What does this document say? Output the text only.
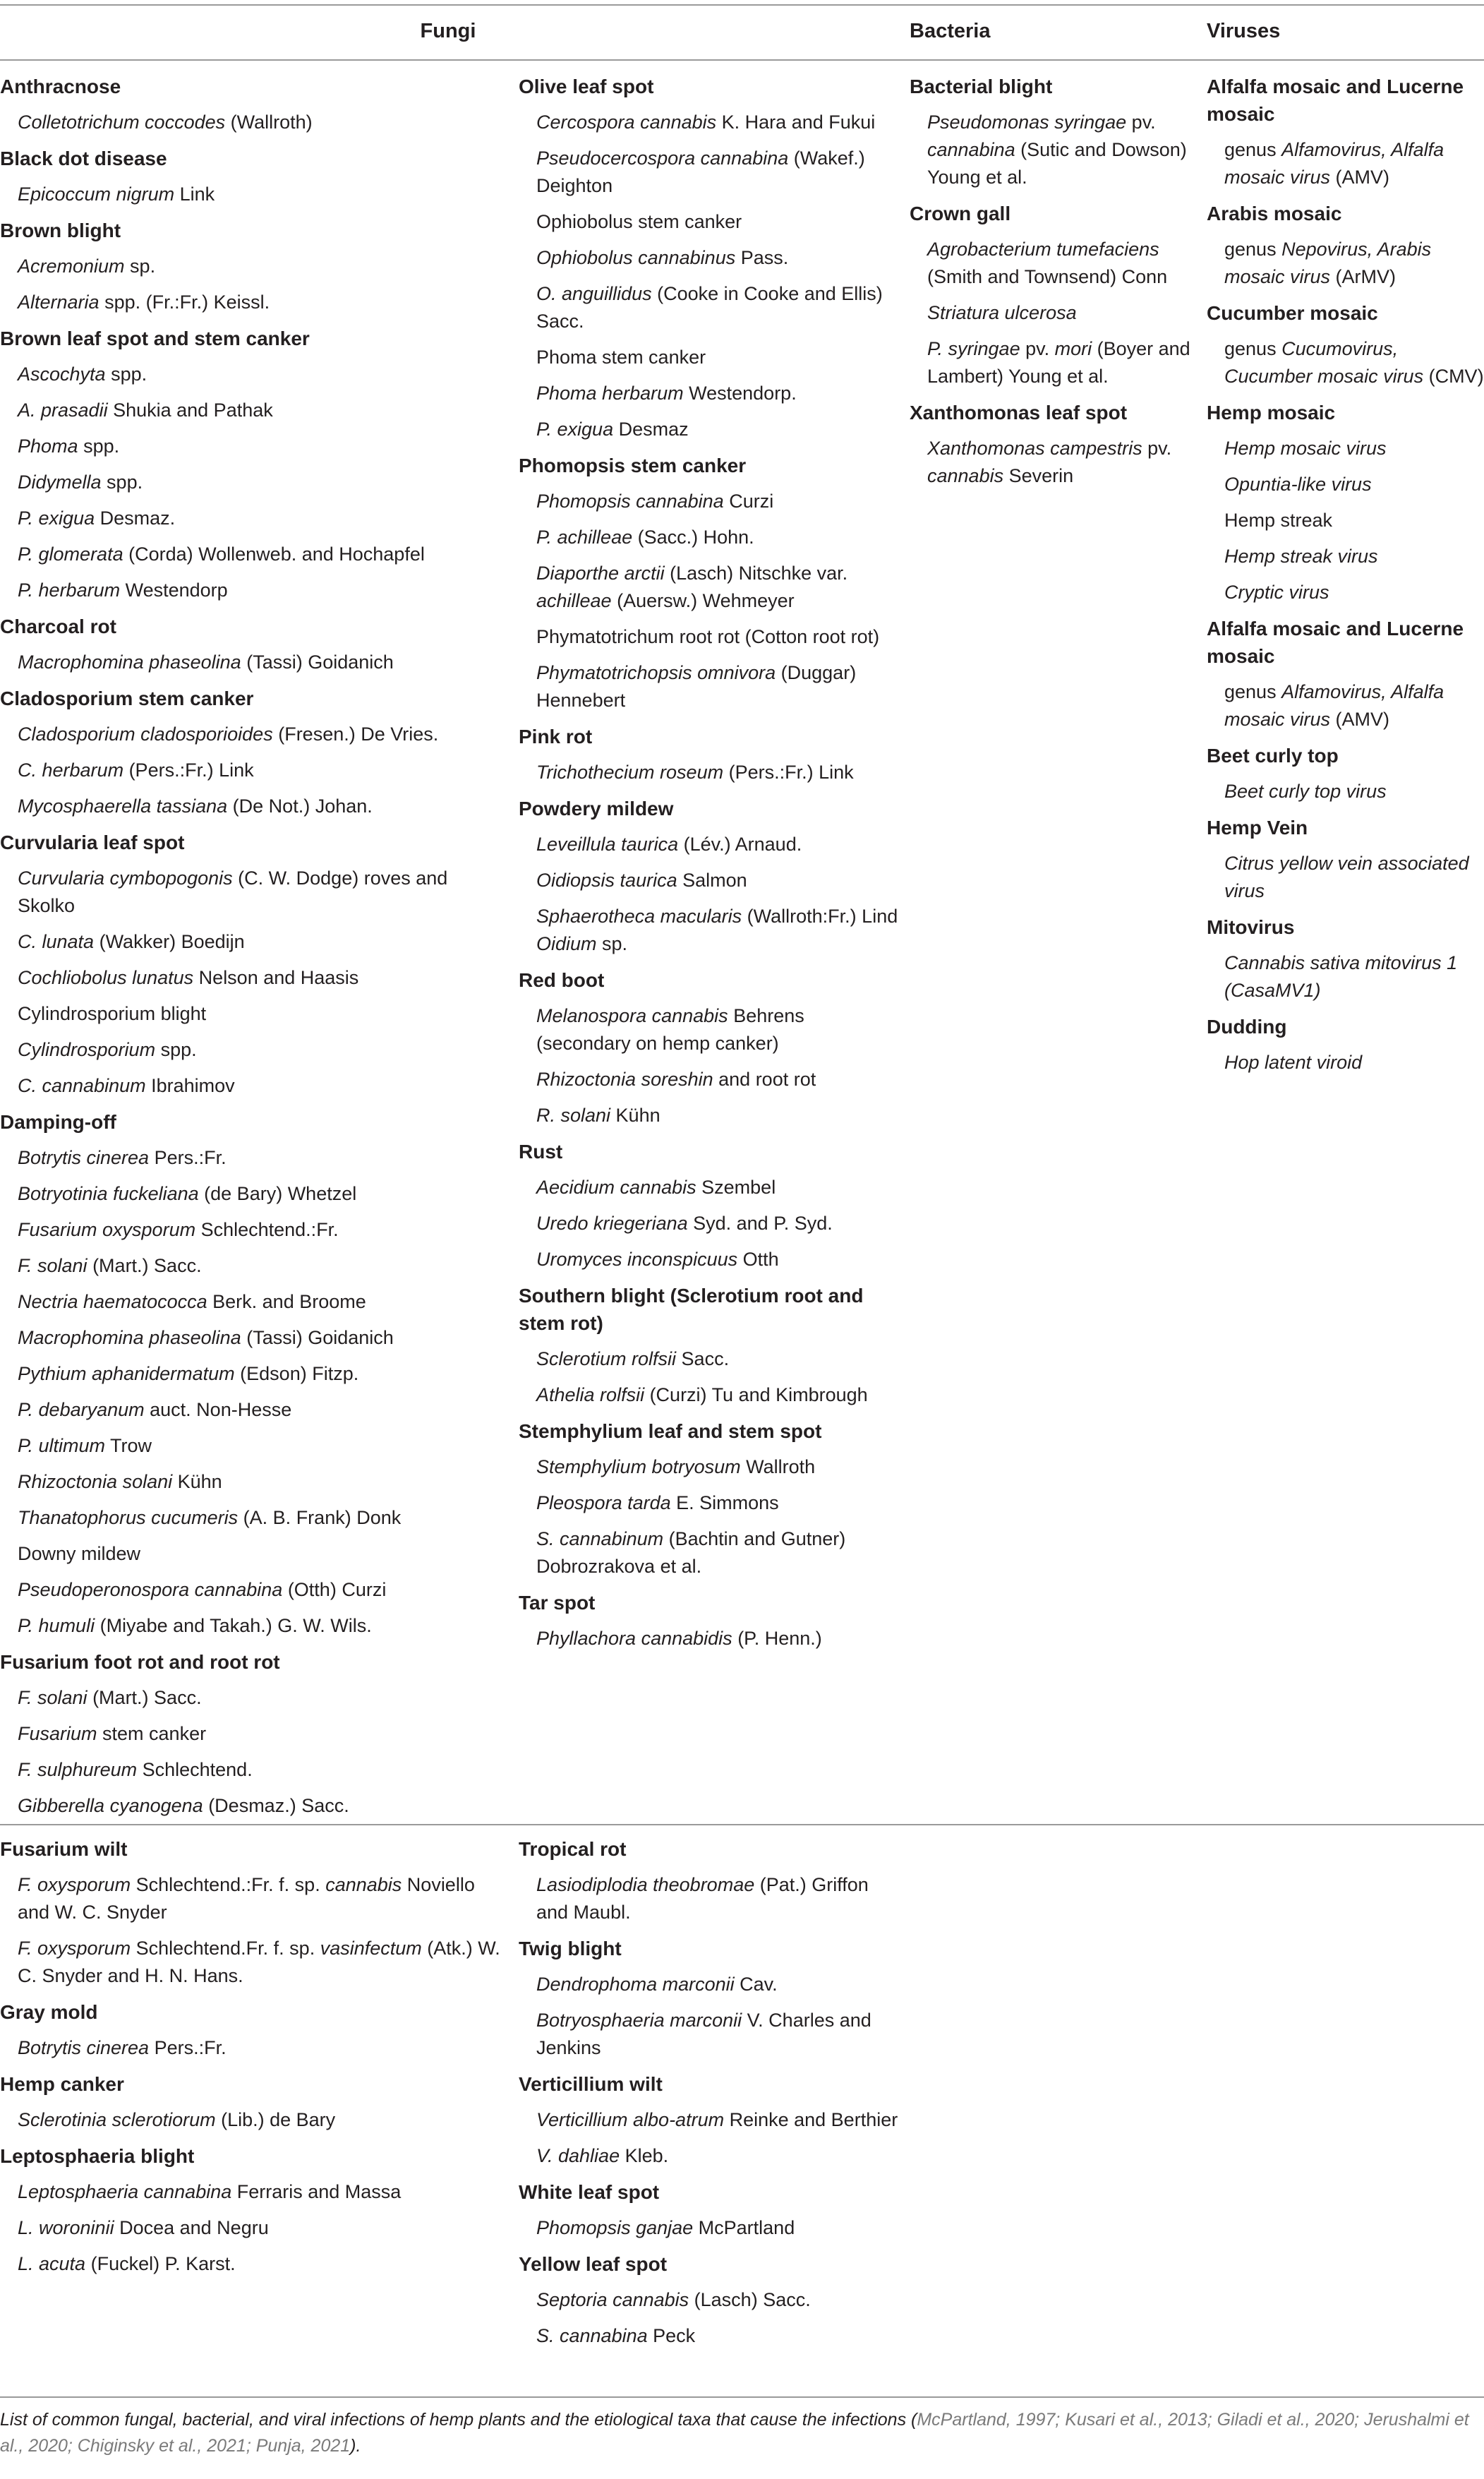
Fungi	Bacteria	Viruses
Anthracnose
Colletotrichum coccodes (Wallroth)
Black dot disease
Epicoccum nigrum Link
Brown blight
Acremonium sp.
Alternaria spp. (Fr.:Fr.) Keissl.
Brown leaf spot and stem canker
Ascochyta spp.
A. prasadii Shukia and Pathak
Phoma spp.
Didymella spp.
P. exigua Desmaz.
P. glomerata (Corda) Wollenweb. and Hochapfel
P. herbarum Westendorp
Charcoal rot
Macrophomina phaseolina (Tassi) Goidanich
Cladosporium stem canker
Cladosporium cladosporioides (Fresen.) De Vries.
C. herbarum (Pers.:Fr.) Link
Mycosphaerella tassiana (De Not.) Johan.
Curvularia leaf spot
Curvularia cymbopogonis (C. W. Dodge) roves and Skolko
C. lunata (Wakker) Boedijn
Cochliobolus lunatus Nelson and Haasis
Cylindrosporium blight
Cylindrosporium spp.
C. cannabinum Ibrahimov
Damping-off
Botrytis cinerea Pers.:Fr.
Botryotinia fuckeliana (de Bary) Whetzel
Fusarium oxysporum Schlechtend.:Fr.
F. solani (Mart.) Sacc.
Nectria haematococca Berk. and Broome
Macrophomina phaseolina (Tassi) Goidanich
Pythium aphanidermatum (Edson) Fitzp.
P. debaryanum auct. Non-Hesse
P. ultimum Trow
Rhizoctonia solani Kühn
Thanatophorus cucumeris (A. B. Frank) Donk
Downy mildew
Pseudoperonospora cannabina (Otth) Curzi
P. humuli (Miyabe and Takah.) G. W. Wils.
Fusarium foot rot and root rot
F. solani (Mart.) Sacc.
Fusarium stem canker
F. sulphureum Schlechtend.
Gibberella cyanogena (Desmaz.) Sacc.
Olive leaf spot
Cercospora cannabis K. Hara and Fukui
Pseudocercospora cannabina (Wakef.) Deighton
Ophiobolus stem canker
Ophiobolus cannabinus Pass.
O. anguillidus (Cooke in Cooke and Ellis) Sacc.
Phoma stem canker
Phoma herbarum Westendorp.
P. exigua Desmaz
Phomopsis stem canker
Phomopsis cannabina Curzi
P. achilleae (Sacc.) Hohn.
Diaporthe arctii (Lasch) Nitschke var. achilleae (Auersw.) Wehmeyer
Phymatotrichum root rot (Cotton root rot)
Phymatotrichopsis omnivora (Duggar) Hennebert
Pink rot
Trichothecium roseum (Pers.:Fr.) Link
Powdery mildew
Leveillula taurica (Lév.) Arnaud.
Oidiopsis taurica Salmon
Sphaerotheca macularis (Wallroth:Fr.) Lind Oidium sp.
Red boot
Melanospora cannabis Behrens (secondary on hemp canker)
Rhizoctonia soreshin and root rot
R. solani Kühn
Rust
Aecidium cannabis Szembel
Uredo kriegeriana Syd. and P. Syd.
Uromyces inconspicuus Otth
Southern blight (Sclerotium root and stem rot)
Sclerotium rolfsii Sacc.
Athelia rolfsii (Curzi) Tu and Kimbrough
Stemphylium leaf and stem spot
Stemphylium botryosum Wallroth
Pleospora tarda E. Simmons
S. cannabinum (Bachtin and Gutner) Dobrozrakova et al.
Tar spot
Phyllachora cannabidis (P. Henn.)
Bacterial blight
Pseudomonas syringae pv. cannabina (Sutic and Dowson) Young et al.
Crown gall
Agrobacterium tumefaciens (Smith and Townsend) Conn
Striatura ulcerosa
P. syringae pv. mori (Boyer and Lambert) Young et al.
Xanthomonas leaf spot
Xanthomonas campestris pv. cannabis Severin
Alfalfa mosaic and Lucerne mosaic
genus Alfamovirus, Alfalfa mosaic virus (AMV)
Arabis mosaic
genus Nepovirus, Arabis mosaic virus (ArMV)
Cucumber mosaic
genus Cucumovirus, Cucumber mosaic virus (CMV)
Hemp mosaic
Hemp mosaic virus
Opuntia-like virus
Hemp streak
Hemp streak virus
Cryptic virus
Alfalfa mosaic and Lucerne mosaic
genus Alfamovirus, Alfalfa mosaic virus (AMV)
Beet curly top
Beet curly top virus
Hemp Vein
Citrus yellow vein associated virus
Mitovirus
Cannabis sativa mitovirus 1 (CasaMV1)
Dudding
Hop latent viroid
Fusarium wilt
F. oxysporum Schlechtend.:Fr. f. sp. cannabis Noviello and W. C. Snyder
F. oxysporum Schlechtend.Fr. f. sp. vasinfectum (Atk.) W. C. Snyder and H. N. Hans.
Gray mold
Botrytis cinerea Pers.:Fr.
Hemp canker
Sclerotinia sclerotiorum (Lib.) de Bary
Leptosphaeria blight
Leptosphaeria cannabina Ferraris and Massa
L. woroninii Docea and Negru
L. acuta (Fuckel) P. Karst.
Tropical rot
Lasiodiplodia theobromae (Pat.) Griffon and Maubl.
Twig blight
Dendrophoma marconii Cav.
Botryosphaeria marconii V. Charles and Jenkins
Verticillium wilt
Verticillium albo-atrum Reinke and Berthier
V. dahliae Kleb.
White leaf spot
Phomopsis ganjae McPartland
Yellow leaf spot
Septoria cannabis (Lasch) Sacc.
S. cannabina Peck
List of common fungal, bacterial, and viral infections of hemp plants and the etiological taxa that cause the infections (McPartland, 1997; Kusari et al., 2013; Giladi et al., 2020; Jerushalmi et al., 2020; Chiginsky et al., 2021; Punja, 2021).
